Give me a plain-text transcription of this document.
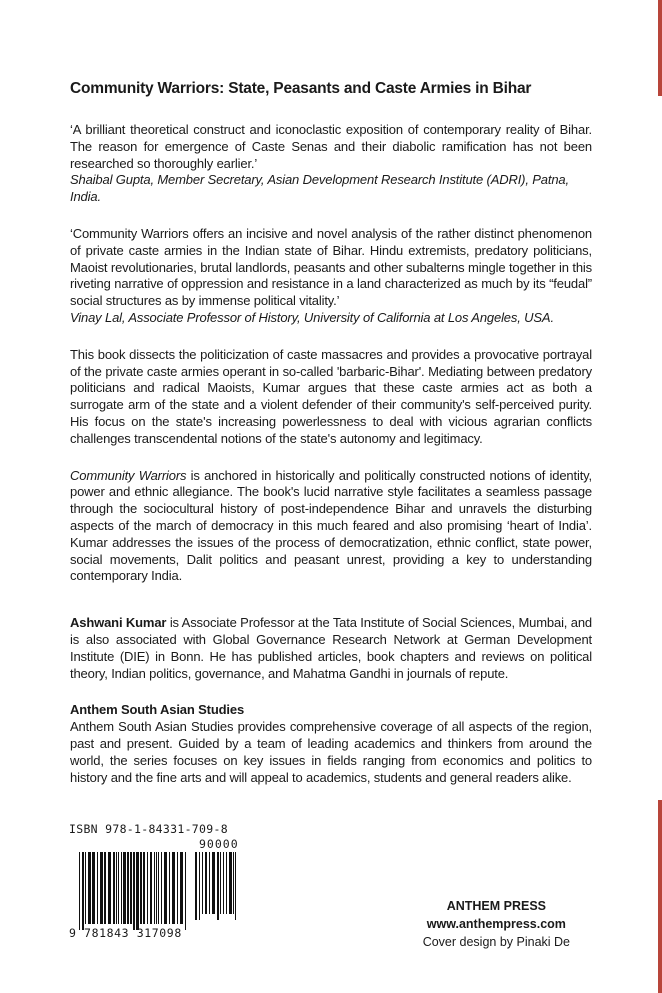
Community Warriors: State, Peasants and Caste Armies in Bihar

‘A brilliant theoretical construct and iconoclastic exposition of contemporary reality of Bihar. The reason for emergence of Caste Senas and their diabolic ramification has not been researched so thoroughly earlier.’

Shaibal Gupta, Member Secretary, Asian Development Research Institute (ADRI), Patna, India.

‘Community Warriors offers an incisive and novel analysis of the rather distinct phenomenon of private caste armies in the Indian state of Bihar. Hindu extremists, predatory politicians, Maoist revolutionaries, brutal landlords, peasants and other subalterns mingle together in this riveting narrative of oppression and resistance in a land characterized as much by its “feudal” social structures as by immense political vitality.’

Vinay Lal, Associate Professor of History, University of California at Los Angeles, USA.

This book dissects the politicization of caste massacres and provides a provocative portrayal of the private caste armies operant in so-called 'barbaric-Bihar'. Mediating between predatory politicians and radical Maoists, Kumar argues that these caste armies act as both a surrogate arm of the state and a violent defender of their community's self-perceived purity. His focus on the state's increasing powerlessness to deal with vicious agrarian conflicts challenges transcendental notions of the state's autonomy and legitimacy.

Community Warriors is anchored in historically and politically constructed notions of identity, power and ethnic allegiance. The book's lucid narrative style facilitates a seamless passage through the sociocultural history of post-independence Bihar and unravels the disturbing aspects of the march of democracy in this much feared and also promising ‘heart of India’. Kumar addresses the issues of the process of democratization, ethnic conflict, state power, social movements, Dalit politics and peasant unrest, providing a key to understanding contemporary India.

Ashwani Kumar is Associate Professor at the Tata Institute of Social Sciences, Mumbai, and is also associated with Global Governance Research Network at German Development Institute (DIE) in Bonn. He has published articles, book chapters and reviews on political theory, Indian politics, governance, and Mahatma Gandhi in journals of repute.

Anthem South Asian Studies

Anthem South Asian Studies provides comprehensive coverage of all aspects of the region, past and present. Guided by a team of leading academics and thinkers from around the world, the series focuses on key issues in fields ranging from economics and politics to history and the fine arts and will appeal to academics, students and general readers alike.

ISBN 978-1-84331-709-8
90000
9 781843 317098
ANTHEM PRESS
www.anthempress.com
Cover design by Pinaki De
